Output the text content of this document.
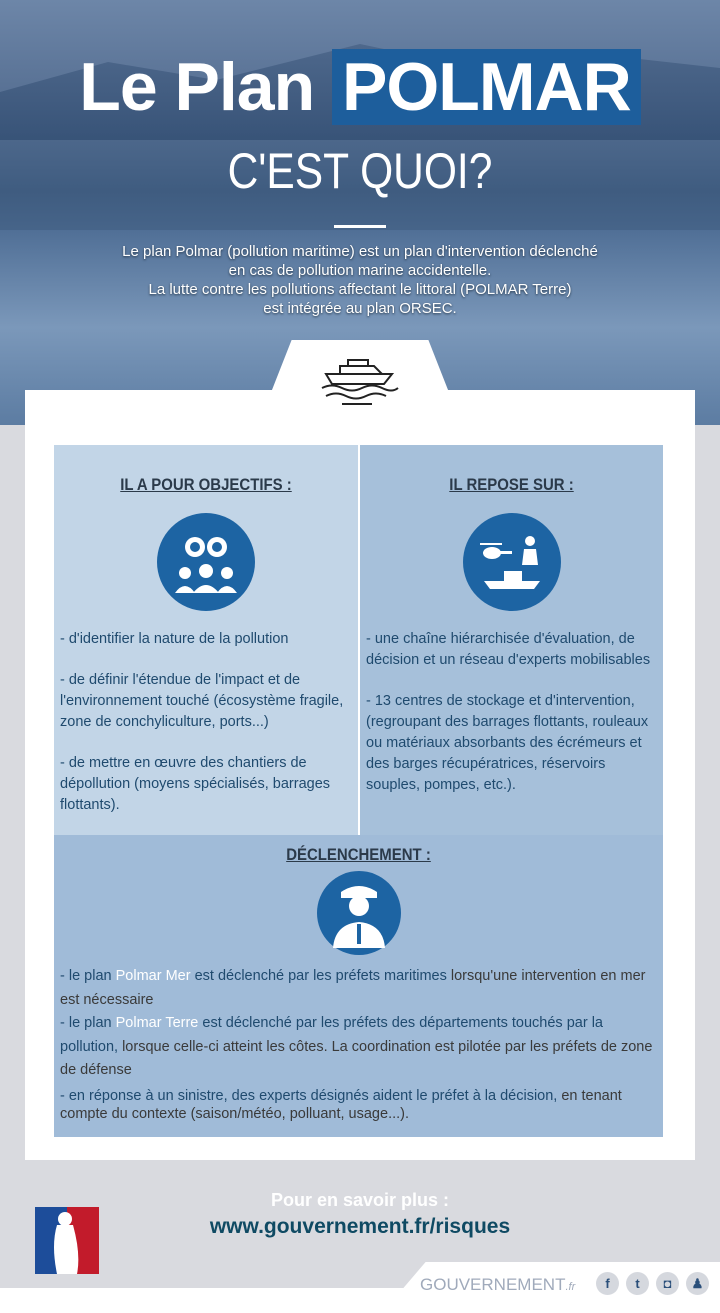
Le Plan POLMAR
C'EST QUOI?
Le plan Polmar (pollution maritime) est un plan d'intervention déclenché
en cas de pollution marine accidentelle.
La lutte contre les pollutions affectant le littoral (POLMAR Terre)
est intégrée au plan ORSEC.
IL A POUR OBJECTIFS :

- d'identifier la nature de la pollution

- de définir l'étendue de l'impact et de l'environnement touché (écosystème fragile, zone de conchyliculture, ports...)

- de mettre en œuvre des chantiers de dépollution (moyens spécialisés, barrages flottants).

IL REPOSE SUR :

- une chaîne hiérarchisée d'évaluation, de décision et un réseau d'experts mobilisables

- 13 centres de stockage et d'intervention, (regroupant des barrages flottants, rouleaux ou matériaux absorbants des écrémeurs et des barges récupératrices, réservoirs souples, pompes, etc.).

DÉCLENCHEMENT :
- le plan Polmar Mer est déclenché par les préfets maritimes lorsqu'une intervention en mer est nécessaire
- le plan Polmar Terre est déclenché par les préfets des départements touchés par la pollution, lorsque celle-ci atteint les côtes. La coordination est pilotée par les préfets de zone de défense
- en réponse à un sinistre, des experts désignés aident le préfet à la décision, en tenant compte du contexte (saison/météo, polluant, usage...).
Pour en savoir plus :
www.gouvernement.fr/risques
GOUVERNEMENT.fr	f	t	◘	♟
